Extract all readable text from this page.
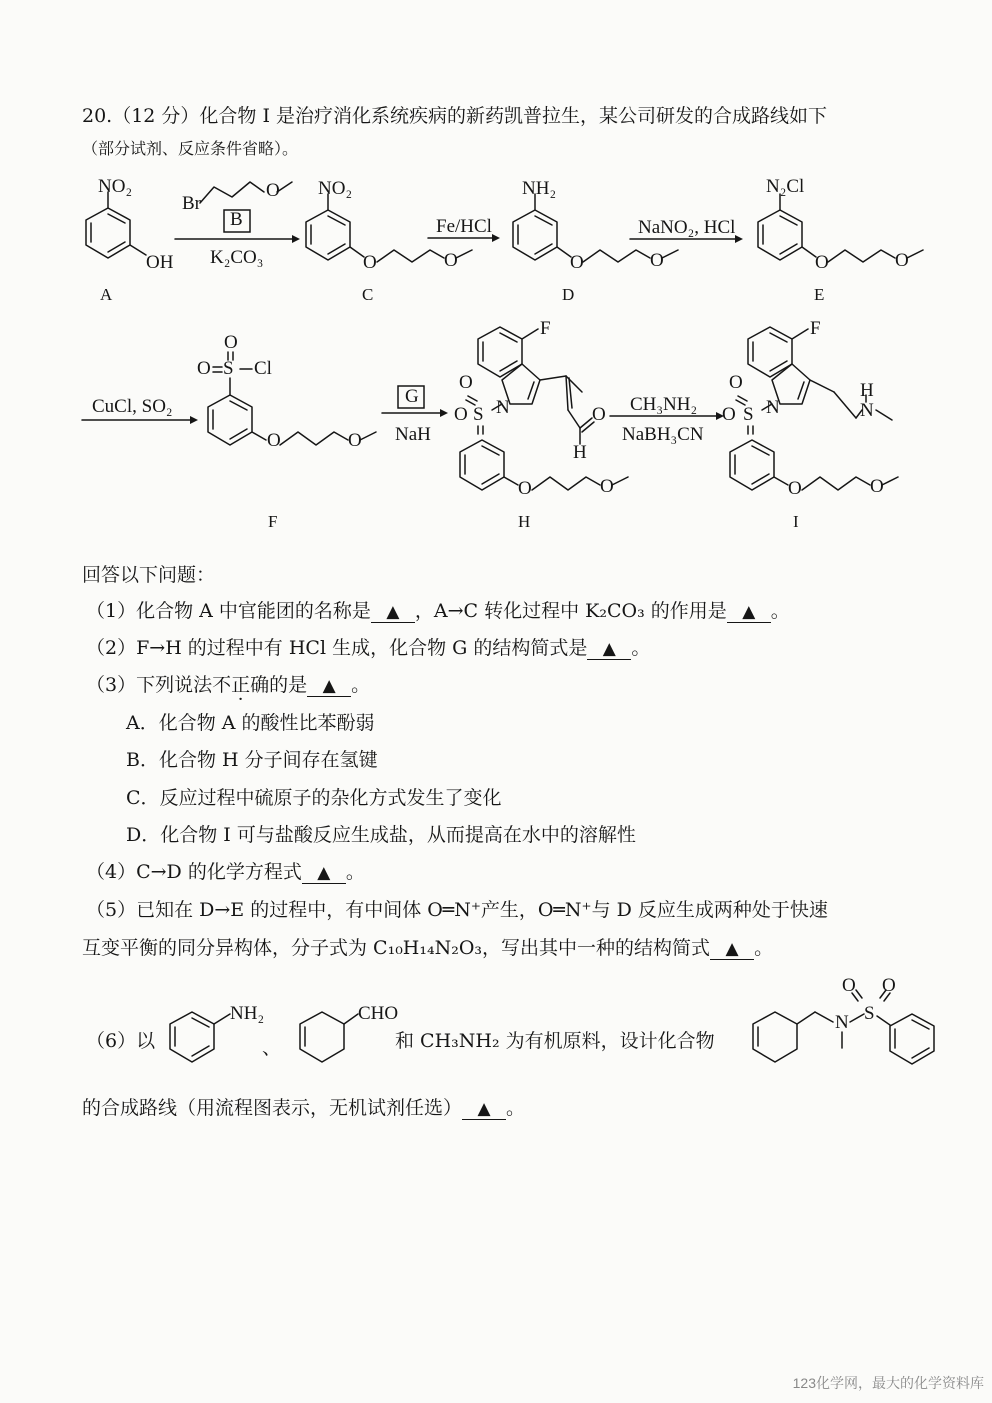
20.（12 分）化合物 I 是治疗消化系统疾病的新药凯普拉生，某公司研发的合成路线如下
（部分试剂、反应条件省略）。
NO₂
OH
A
Br
O
B
K₂CO₃
NO₂
O	O
C
Fe/HCl
NH₂
O	O
D
NaNO₂, HCl
N₂Cl
O	O
E
CuCl, SO₂
O
O S Cl
O	O
F
G
NaH
F
O
O S N	O
H
O	O
H
CH₃NH₂
NaBH₃CN
F
O
O S N
H
N
O	O
I
回答以下问题：
（1）化合物 A 中官能团的名称是 ▲ ，A→C 转化过程中 K₂CO₃ 的作用是 ▲ 。
（2）F→H 的过程中有 HCl 生成，化合物 G 的结构简式是 ▲ 。
（3）下列说法不正确的是 ▲ 。
A．化合物 A 的酸性比苯酚弱
B．化合物 H 分子间存在氢键
C．反应过程中硫原子的杂化方式发生了变化
D．化合物 I 可与盐酸反应生成盐，从而提高在水中的溶解性
（4）C→D 的化学方程式 ▲ 。
（5）已知在 D→E 的过程中，有中间体 O═N⁺产生，O═N⁺与 D 反应生成两种处于快速
互变平衡的同分异构体，分子式为 C₁₀H₁₄N₂O₃，写出其中一种的结构简式 ▲ 。
（6）以
NH₂
、
CHO
和 CH₃NH₂ 为有机原料，设计化合物
N S
O O
的合成路线（用流程图表示，无机试剂任选） ▲ 。
123化学网，最大的化学资料库
